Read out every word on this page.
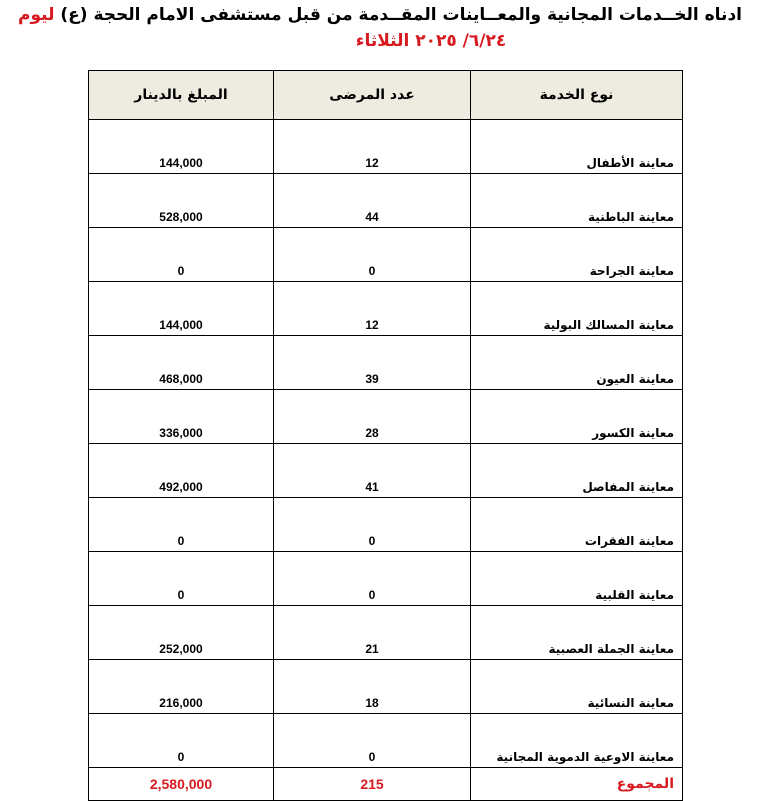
ادناه الخــدمات المجانية والمعــاينات المقــدمة من قبل مستشفى الامام الحجة (ع) ليوم
٦/٢٤/ ٢٠٢٥ الثلاثاء
نوع الخدمة	عدد المرضى	المبلغ بالدينار
معاينة الأطفال	12	144,000
معاينة الباطنية	44	528,000
معاينة الجراحة	0	0
معاينة المسالك البولية	12	144,000
معاينة العيون	39	468,000
معاينة الكسور	28	336,000
معاينة المفاصل	41	492,000
معاينة الفقرات	0	0
معاينة القلبية	0	0
معاينة الجملة العصبية	21	252,000
معاينة النسائية	18	216,000
معاينة الاوعية الدموية المجانية	0	0
المجموع	215	2,580,000
